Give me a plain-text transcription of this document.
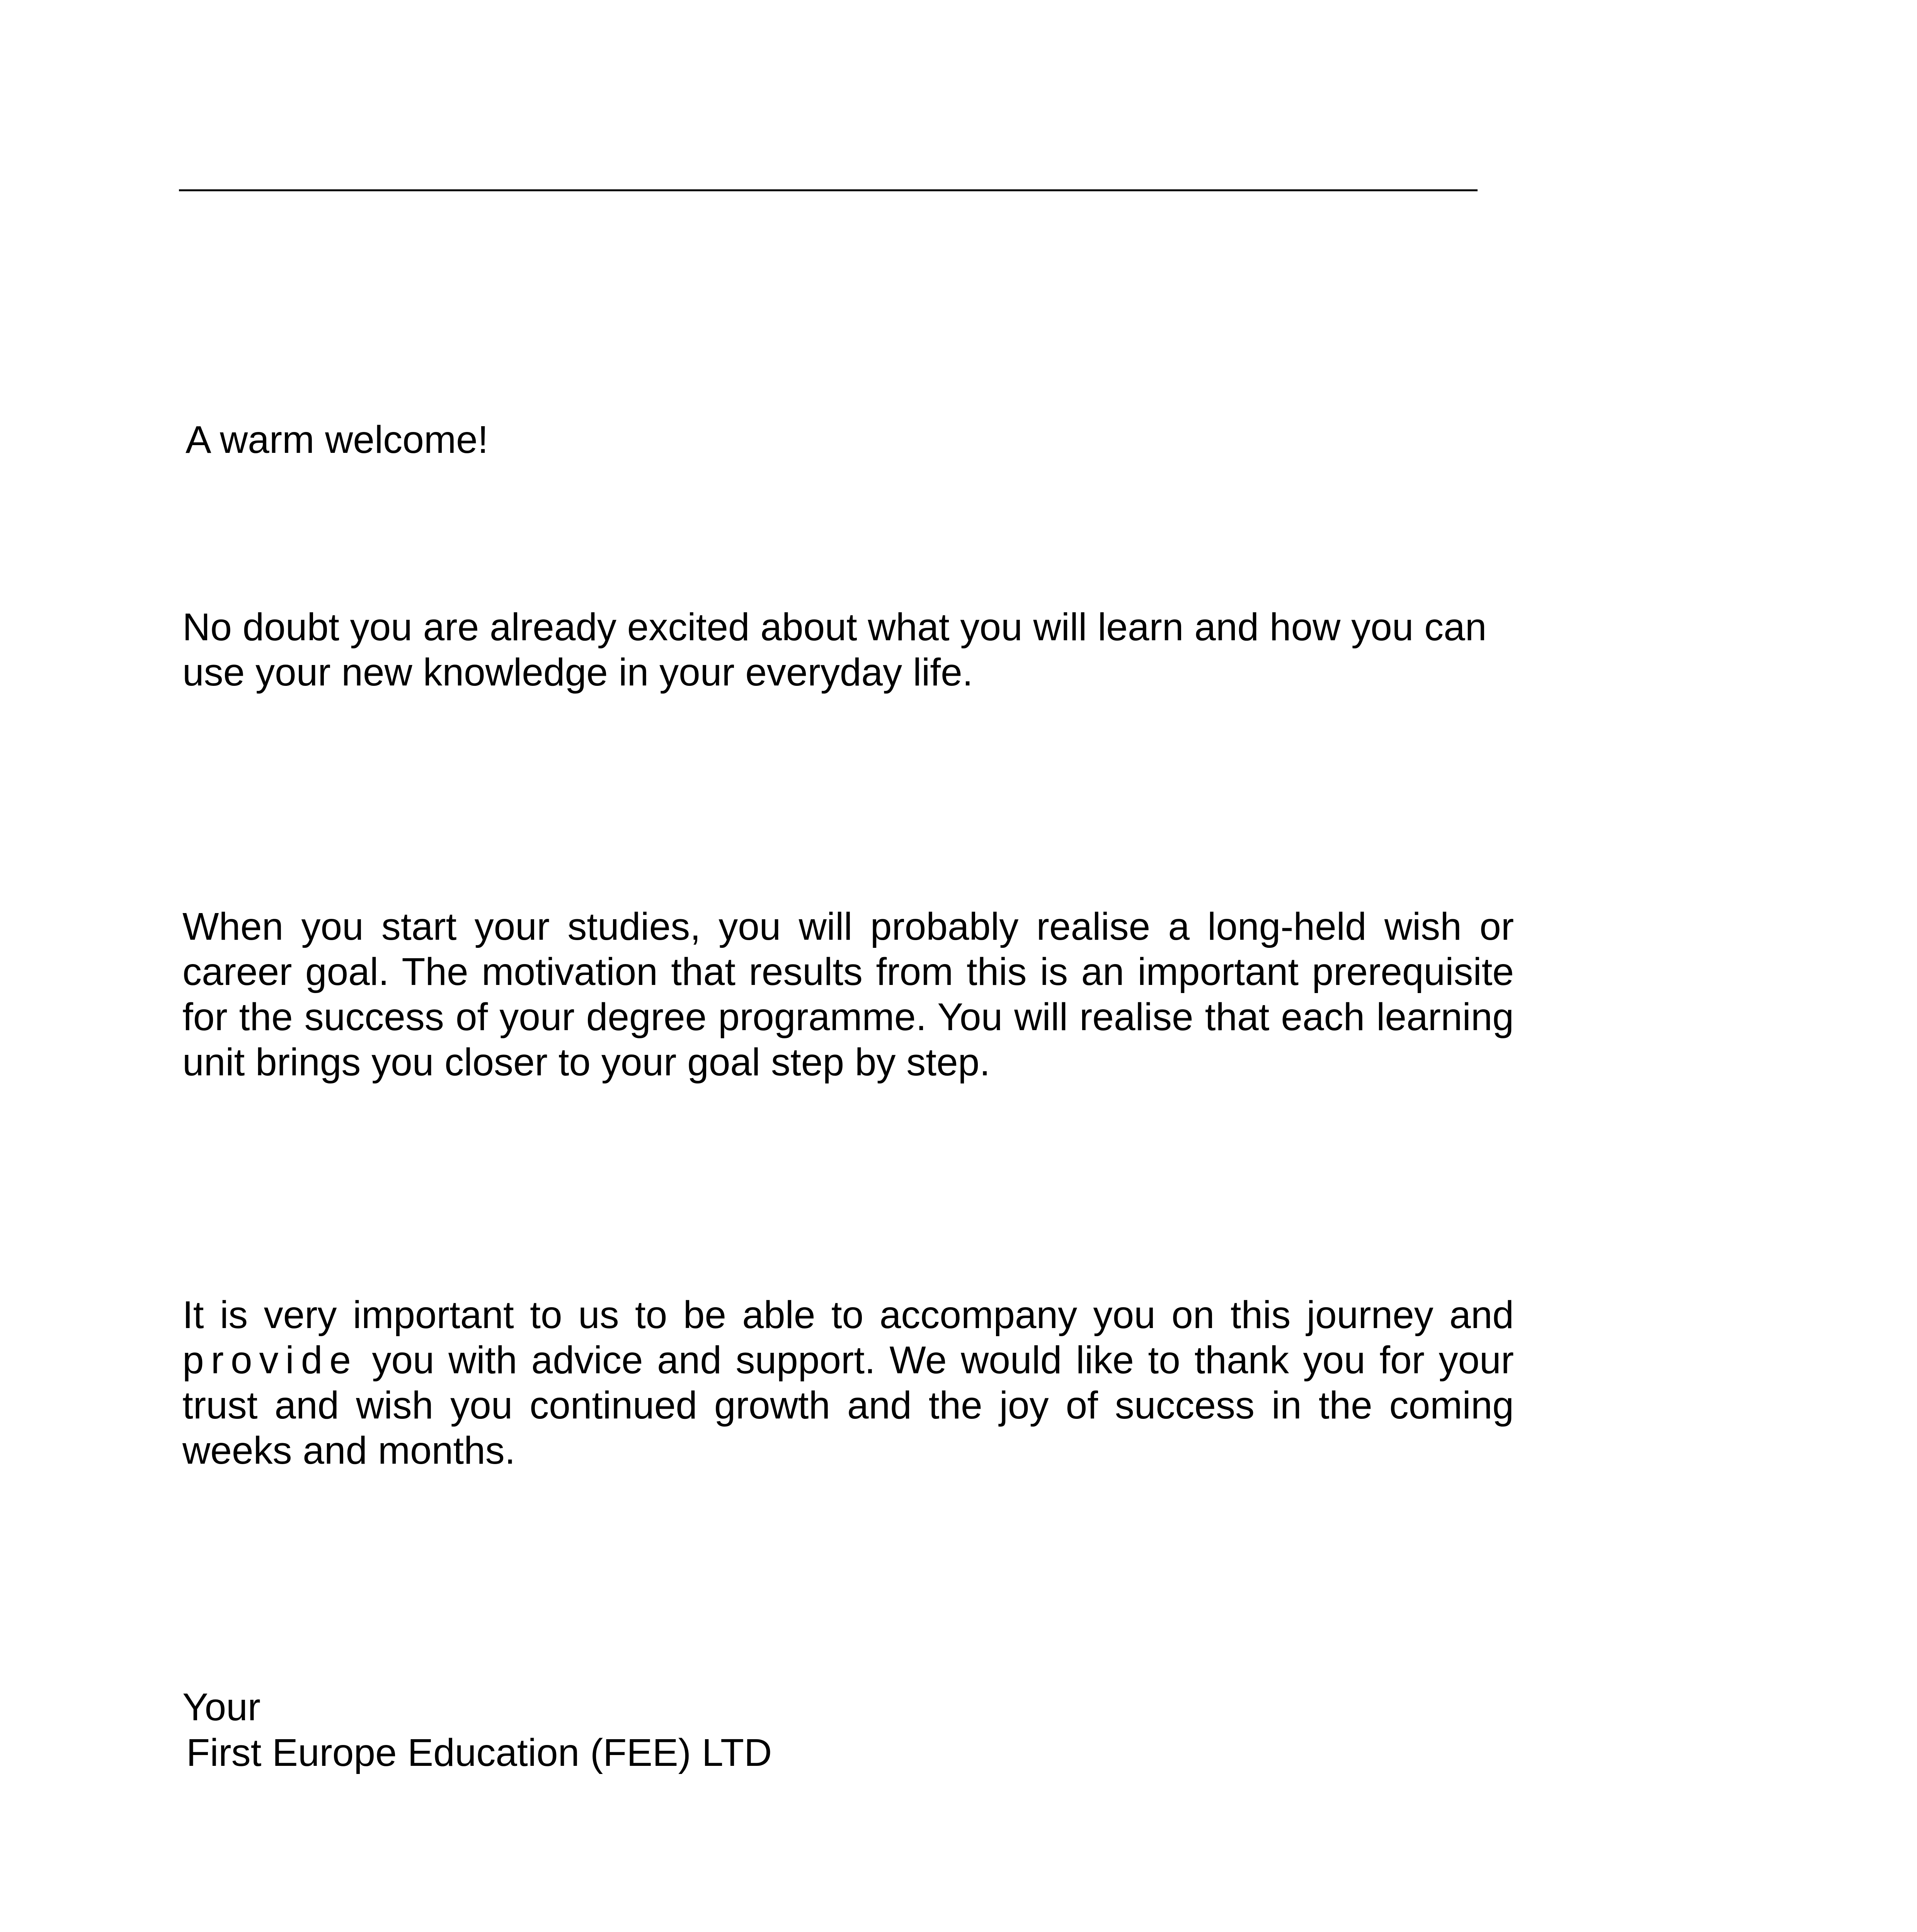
A warm welcome!

No doubt you are already excited about what you will learn and how you can use your new knowledge in your everyday life.

When you start your studies, you will probably realise a long-held wish or career goal. The motivation that results from this is an important prerequisite for the success of your degree programme. You will realise that each learning unit brings you closer to your goal step by step.

It is very important to us to be able to accompany you on this journey and provide you with advice and support. We would like to thank you for your trust and wish you continued growth and the joy of success in the coming weeks and months.

Your

First Europe Education (FEE) LTD
